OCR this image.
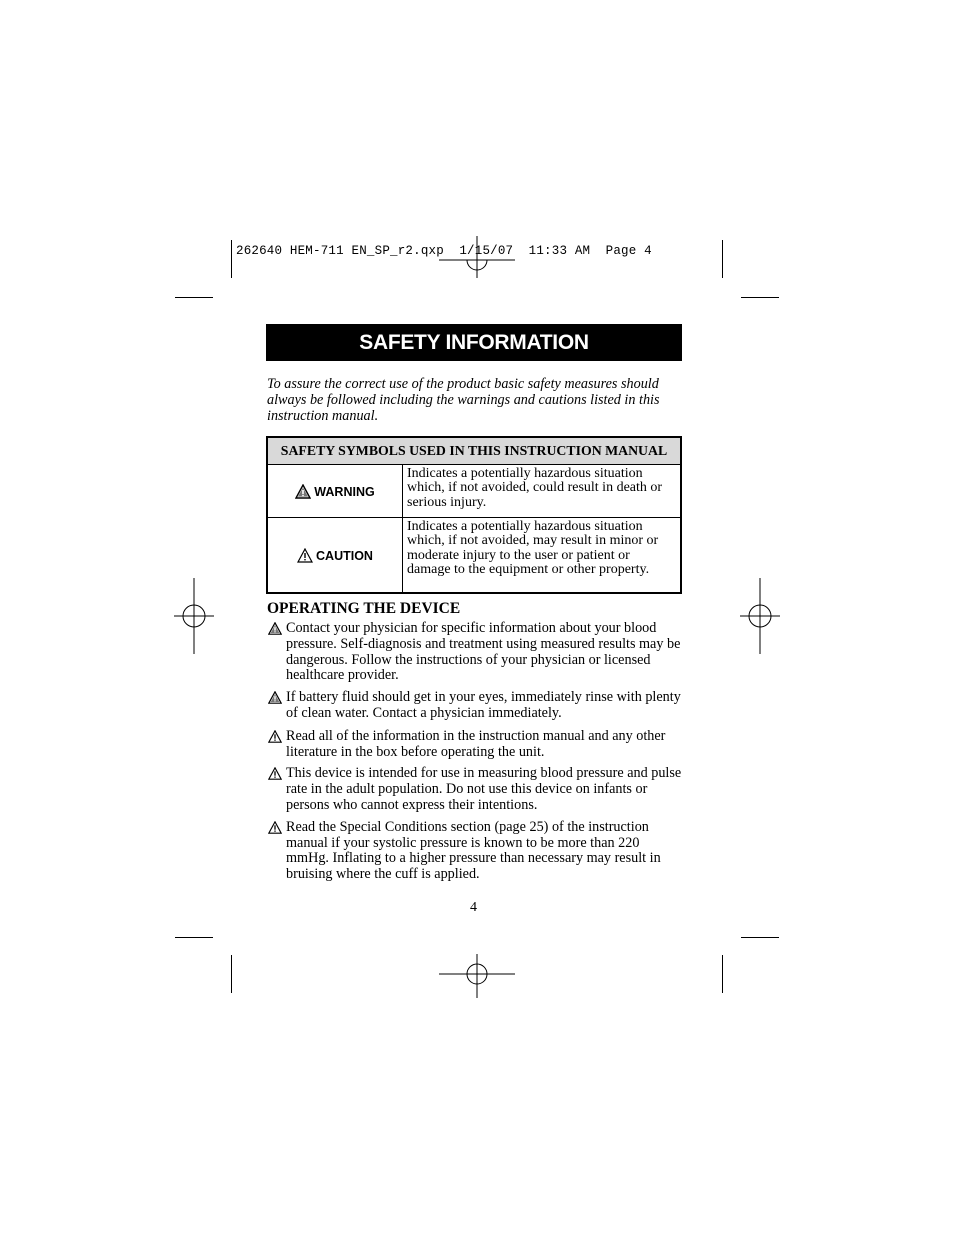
262640 HEM-711 EN_SP_r2.qxp  1/15/07  11:33 AM  Page 4
SAFETY INFORMATION
To assure the correct use of the product basic safety measures should always be followed including the warnings and cautions listed in this instruction manual.
SAFETY SYMBOLS USED IN THIS INSTRUCTION MANUAL	
WARNING	Indicates a potentially hazardous situation which, if not avoided, could result in death or serious injury.
CAUTION	Indicates a potentially hazardous situation which, if not avoided, may result in minor or moderate injury to the user or patient or damage to the equipment or other property.
OPERATING THE DEVICE
Contact your physician for specific information about your blood pressure. Self-diagnosis and treatment using measured results may be dangerous. Follow the instructions of your physician or licensed healthcare provider.
If battery fluid should get in your eyes, immediately rinse with plenty of clean water. Contact a physician immediately.
Read all of the information in the instruction manual and any other literature in the box before operating the unit.
This device is intended for use in measuring blood pressure and pulse rate in the adult population. Do not use this device on infants or persons who cannot express their intentions.
Read the Special Conditions section (page 25) of the instruction manual if your systolic pressure is known to be more than 220 mmHg. Inflating to a higher pressure than necessary may result in bruising where the cuff is applied.
4
